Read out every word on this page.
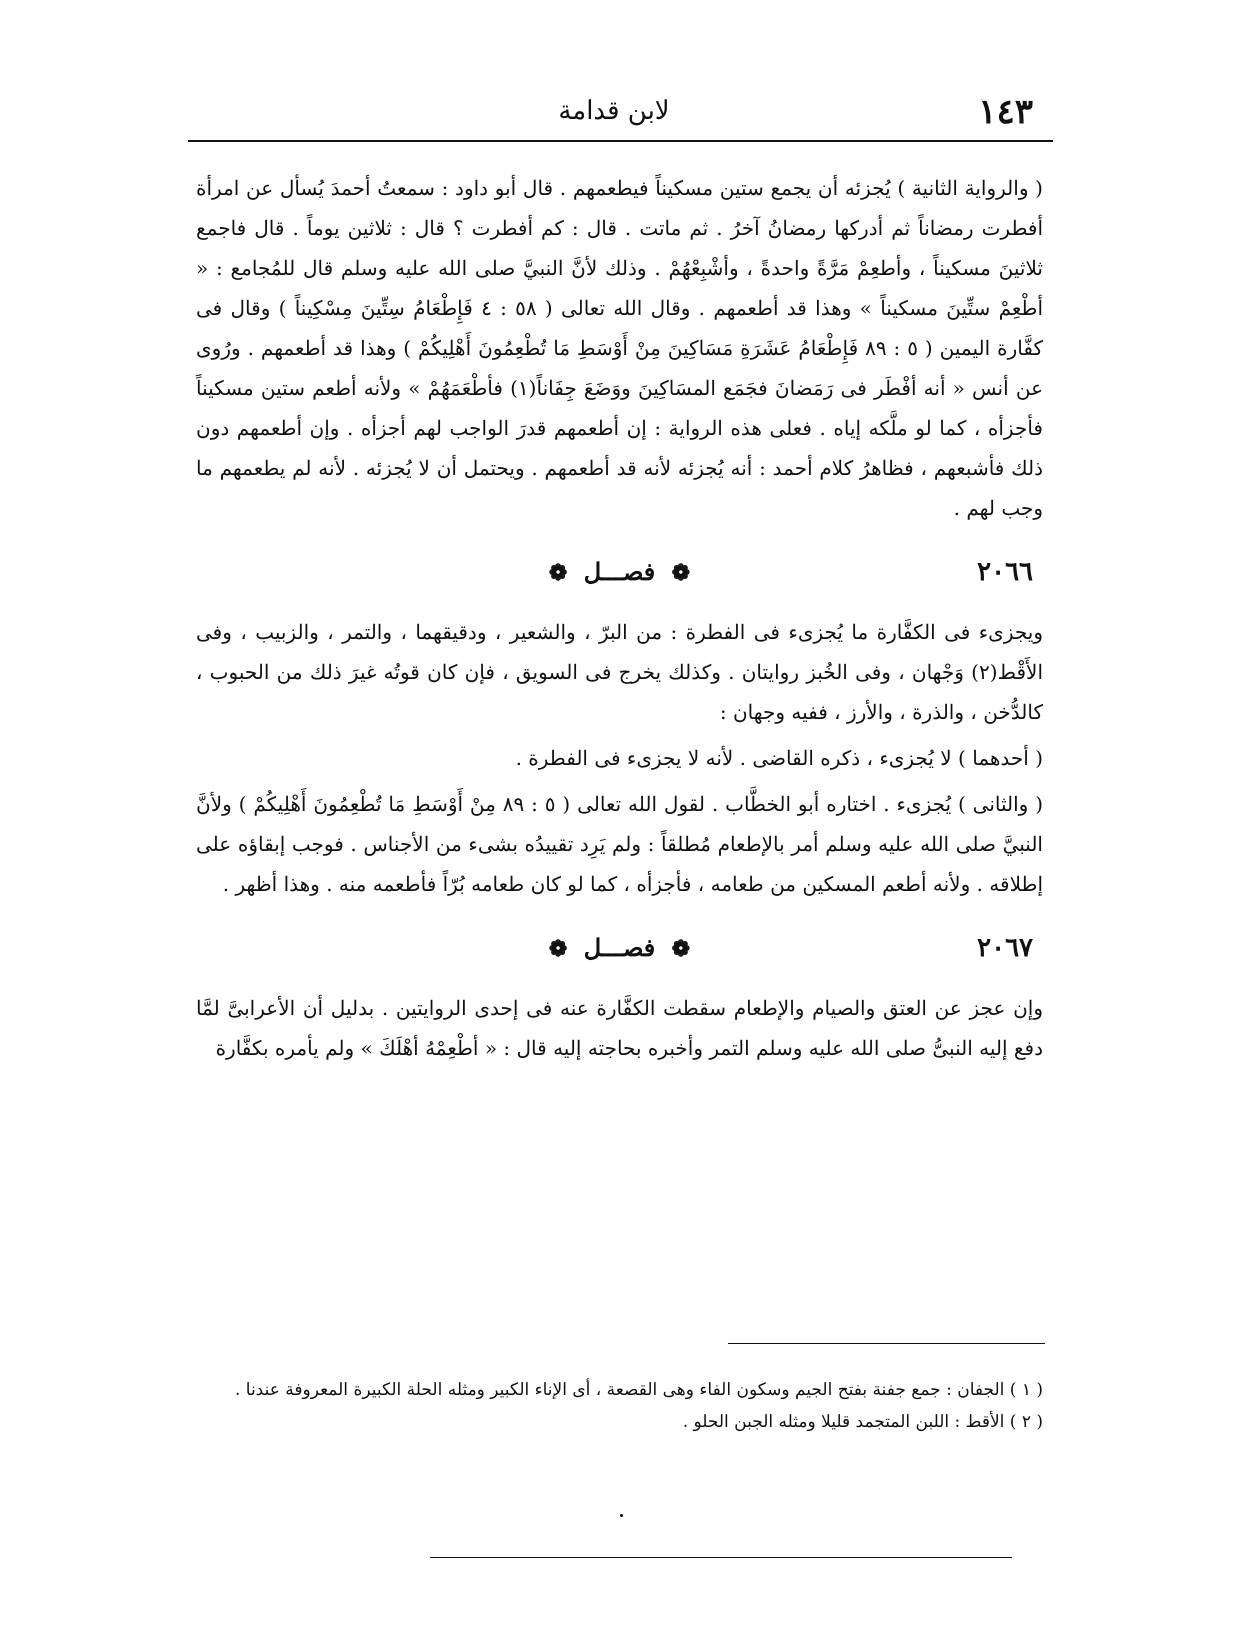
١٤٣
لابن قدامة

( والرواية الثانية ) يُجزئه أن يجمع ستين مسكيناً فيطعمهم . قال أبو داود : سمعتُ أحمدَ يُسأل عن امرأة أفطرت رمضاناً ثم أدركها رمضانُ آخرُ . ثم ماتت . قال : كم أفطرت ؟ قال : ثلاثين يوماً . قال فاجمع ثلاثينَ مسكيناً ، وأطعِمْ مَرَّةً واحدةً ، وأشْبِعْهُمْ . وذلك لأنَّ النبيَّ صلى الله عليه وسلم قال للمُجامع : « أطْعِمْ ستِّينَ مسكيناً » وهذا قد أطعمهم . وقال الله تعالى ( ٥٨ : ٤ فَإِطْعَامُ سِتِّينَ مِسْكِيناً ) وقال فى كفَّارة اليمين ( ٥ : ٨٩ فَإِطْعَامُ عَشَرَةِ مَسَاكِينَ مِنْ أَوْسَطِ مَا تُطْعِمُونَ أَهْلِيكُمْ ) وهذا قد أطعمهم . ورُوى عن أنس « أنه أفْطَر فى رَمَضانَ فجَمَع المسَاكِينَ ووَضَعَ جِفَاناً(١) فأطْعَمَهُمْ » ولأنه أطعم ستين مسكيناً فأجزأه ، كما لو ملَّكه إياه . فعلى هذه الرواية : إن أطعمهم قدرَ الواجب لهم أجزأه . وإن أطعمهم دون ذلك فأشبعهم ، فظاهرُ كلام أحمد : أنه يُجزئه لأنه قد أطعمهم . ويحتمل أن لا يُجزئه . لأنه لم يطعمهم ما وجب لهم .

٢٠٦٦
❁ فصـــل ❁

ويجزىء فى الكفَّارة ما يُجزىء فى الفطرة : من البرّ ، والشعير ، ودقيقهما ، والتمر ، والزبيب ، وفى الأَقْط(٢) وَجْهان ، وفى الخُبز روايتان . وكذلك يخرج فى السويق ، فإن كان قوتُه غيرَ ذلك من الحبوب ، كالدُّخن ، والذرة ، والأرز ، ففيه وجهان :

( أحدهما ) لا يُجزىء ، ذكره القاضى . لأنه لا يجزىء فى الفطرة .

( والثانى ) يُجزىء . اختاره أبو الخطَّاب . لقول الله تعالى ( ٥ : ٨٩ مِنْ أَوْسَطِ مَا تُطْعِمُونَ أَهْلِيكُمْ ) ولأنَّ النبيَّ صلى الله عليه وسلم أمر بالإطعام مُطلقاً : ولم يَرِد تقييدُه بشىء من الأجناس . فوجب إبقاؤه على إطلاقه . ولأنه أطعم المسكين من طعامه ، فأجزأه ، كما لو كان طعامه بُرّاً فأطعمه منه . وهذا أظهر .

٢٠٦٧
❁ فصـــل ❁

وإن عجز عن العتق والصيام والإطعام سقطت الكفَّارة عنه فى إحدى الروايتين . بدليل أن الأعرابىَّ لمَّا دفع إليه النبىُّ صلى الله عليه وسلم التمر وأخبره بحاجته إليه قال : « أطْعِمْهُ أهْلَكَ » ولم يأمره بكفَّارة

( ١ ) الجفان : جمع جفنة بفتح الجيم وسكون الفاء وهى القصعة ، أى الإناء الكبير ومثله الحلة الكبيرة المعروفة عندنا .

( ٢ ) الأقط : اللبن المتجمد قليلا ومثله الجبن الحلو .
